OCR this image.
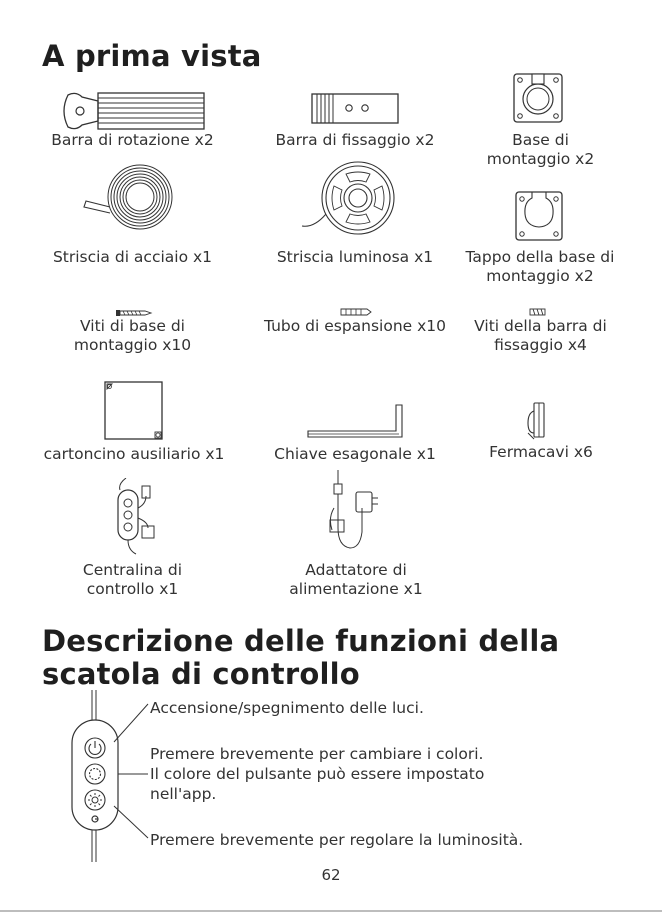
A prima vista
Barra di rotazione x2	Barra di fissaggio x2	Base di
montaggio x2
Striscia di acciaio x1	Striscia luminosa x1	Tappo della base di
montaggio x2
Viti di base di
montaggio x10
Tubo di espansione x10	Viti della barra di
fissaggio x4
cartoncino ausiliario x1	Chiave esagonale x1	Fermacavi x6
Centralina di
controllo x1
Adattatore di
alimentazione x1
Descrizione delle funzioni della
scatola di controllo
Accensione/spegnimento delle luci.
Premere brevemente per cambiare i colori.
Il colore del pulsante può essere impostato
nell'app.
Premere brevemente per regolare la luminosità.
62
